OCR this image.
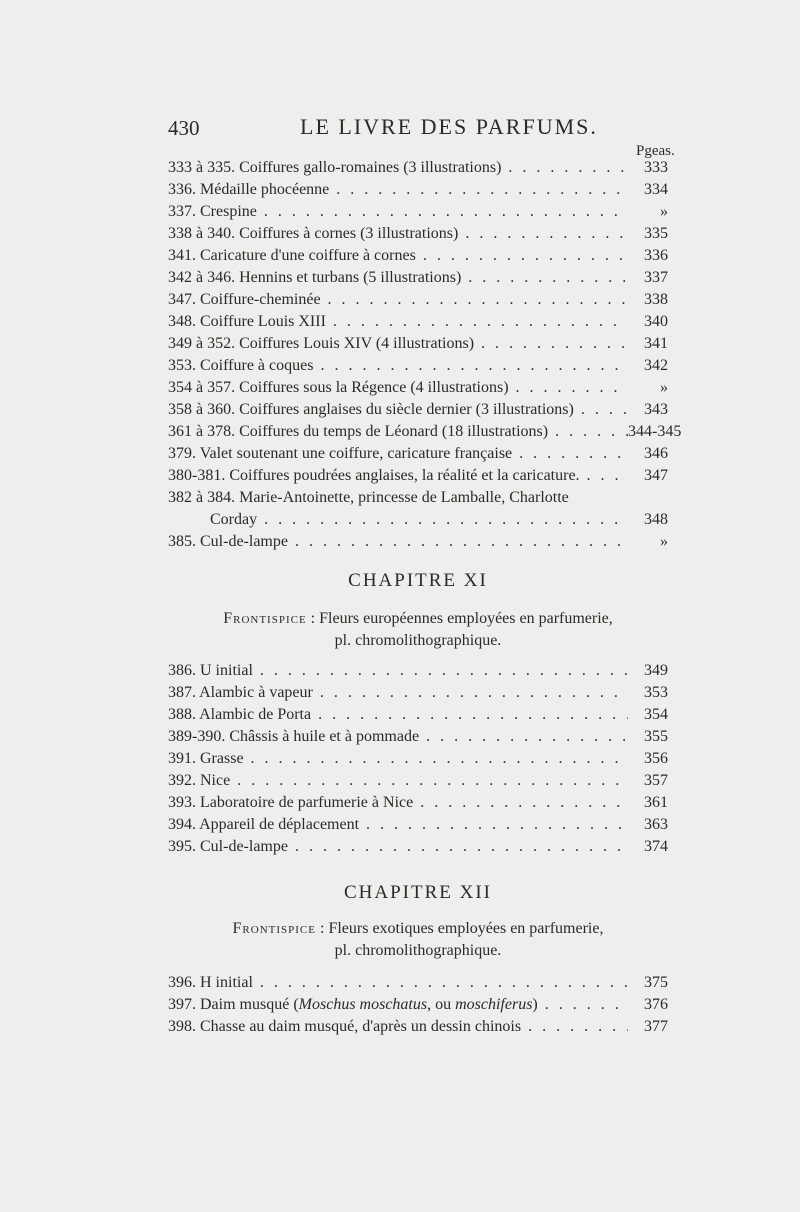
430	LE LIVRE DES PARFUMS.
Pgeas.
333 à 335. Coiffures gallo-romaines (3 illustrations) . . .	333
336. Médaille phocéenne . . .	334
337. Crespine . . .	»
338 à 340. Coiffures à cornes (3 illustrations) . . .	335
341. Caricature d'une coiffure à cornes . . .	336
342 à 346. Hennins et turbans (5 illustrations) . . .	337
347. Coiffure-cheminée . . .	338
348. Coiffure Louis XIII . . .	340
349 à 352. Coiffures Louis XIV (4 illustrations) . . .	341
353. Coiffure à coques . . .	342
354 à 357. Coiffures sous la Régence (4 illustrations) . . .	»
358 à 360. Coiffures anglaises du siècle dernier (3 illustrations) . . .	343
361 à 378. Coiffures du temps de Léonard (18 illustrations) . . .	344-345
379. Valet soutenant une coiffure, caricature française . . .	346
380-381. Coiffures poudrées anglaises, la réalité et la caricature. . . .	347
382 à 384. Marie-Antoinette, princesse de Lamballe, Charlotte
Corday . . .	348
385. Cul-de-lampe . . .	»
CHAPITRE XI
Frontispice : Fleurs européennes employées en parfumerie,
pl. chromolithographique.
386. U initial . . .	349
387. Alambic à vapeur . . .	353
388. Alambic de Porta . . .	354
389-390. Châssis à huile et à pommade . . .	355
391. Grasse . . .	356
392. Nice . . .	357
393. Laboratoire de parfumerie à Nice . . .	361
394. Appareil de déplacement . . .	363
395. Cul-de-lampe . . .	374
CHAPITRE XII
Frontispice : Fleurs exotiques employées en parfumerie,
pl. chromolithographique.
396. H initial . . .	375
397. Daim musqué (Moschus moschatus, ou moschiferus) . . .	376
398. Chasse au daim musqué, d'après un dessin chinois . . .	377
